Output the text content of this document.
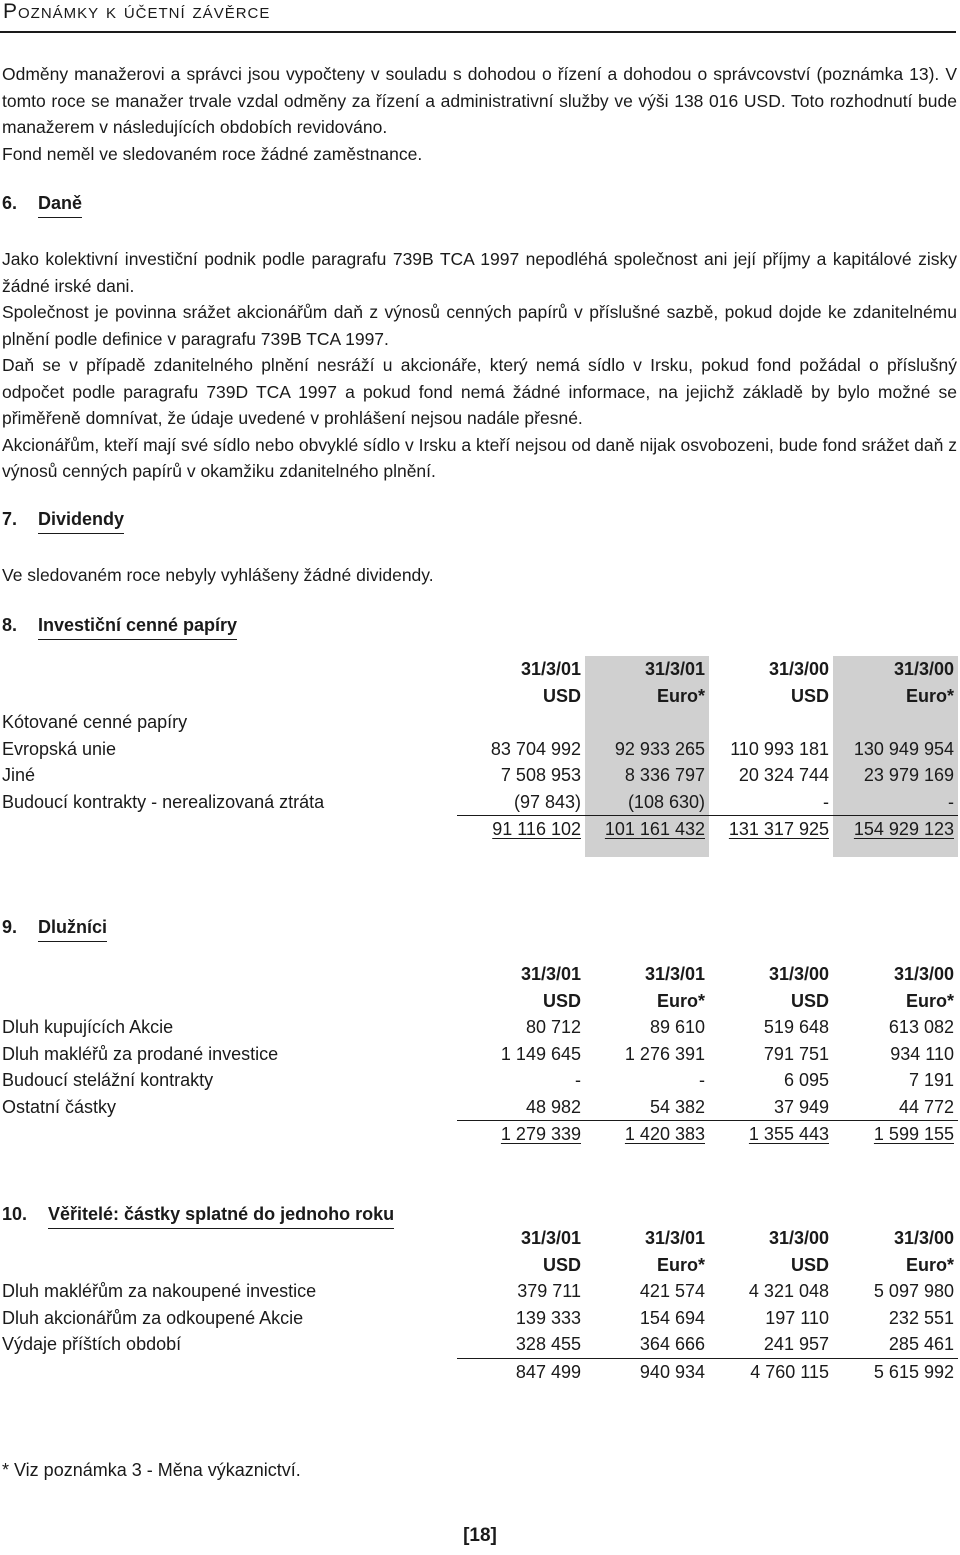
Poznámky k účetní závěrce

Odměny manažerovi a správci jsou vypočteny v souladu s dohodou o řízení a dohodou o správcovství (poznámka 13). V tomto roce se manažer trvale vzdal odměny za řízení a administrativní služby ve výši 138 016 USD. Toto rozhodnutí bude manažerem v následujících obdobích revidováno.

Fond neměl ve sledovaném roce žádné zaměstnance.

6. Daně

Jako kolektivní investiční podnik podle paragrafu 739B TCA 1997 nepodléhá společnost ani její příjmy a kapitálové zisky žádné irské dani.

Společnost je povinna srážet akcionářům daň z výnosů cenných papírů v příslušné sazbě, pokud dojde ke zdanitelnému plnění podle definice v paragrafu 739B TCA 1997.

Daň se v případě zdanitelného plnění nesráží u akcionáře, který nemá sídlo v Irsku, pokud fond požádal o příslušný odpočet podle paragrafu 739D TCA 1997 a pokud fond nemá žádné informace, na jejichž základě by bylo možné se přiměřeně domnívat, že údaje uvedené v prohlášení nejsou nadále přesné.

Akcionářům, kteří mají své sídlo nebo obvyklé sídlo v Irsku a kteří nejsou od daně nijak osvobozeni, bude fond srážet daň z výnosů cenných papírů v okamžiku zdanitelného plnění.

7. Dividendy
Ve sledovaném roce nebyly vyhlášeny žádné dividendy.
8. Investiční cenné papíry
	31/3/01	31/3/01	31/3/00	31/3/00
	USD	Euro*	USD	Euro*
Kótované cenné papíry				
Evropská unie	83 704 992	92 933 265	110 993 181	130 949 954
Jiné	7 508 953	8 336 797	20 324 744	23 979 169
Budoucí kontrakty - nerealizovaná ztráta	(97 843)	(108 630)	-	-
	91 116 102	101 161 432	131 317 925	154 929 123

9. Dlužníci
	31/3/01	31/3/01	31/3/00	31/3/00
	USD	Euro*	USD	Euro*
Dluh kupujících Akcie	80 712	89 610	519 648	613 082
Dluh makléřů za prodané investice	1 149 645	1 276 391	791 751	934 110
Budoucí stelážní kontrakty	-	-	6 095	7 191
Ostatní částky	48 982	54 382	37 949	44 772
	1 279 339	1 420 383	1 355 443	1 599 155
10. Věřitelé: částky splatné do jednoho roku
	31/3/01	31/3/01	31/3/00	31/3/00
	USD	Euro*	USD	Euro*
Dluh makléřům za nakoupené investice	379 711	421 574	4 321 048	5 097 980
Dluh akcionářům za odkoupené Akcie	139 333	154 694	197 110	232 551
Výdaje příštích období	328 455	364 666	241 957	285 461
	847 499	940 934	4 760 115	5 615 992
* Viz poznámka 3 - Měna výkaznictví.
[18]
